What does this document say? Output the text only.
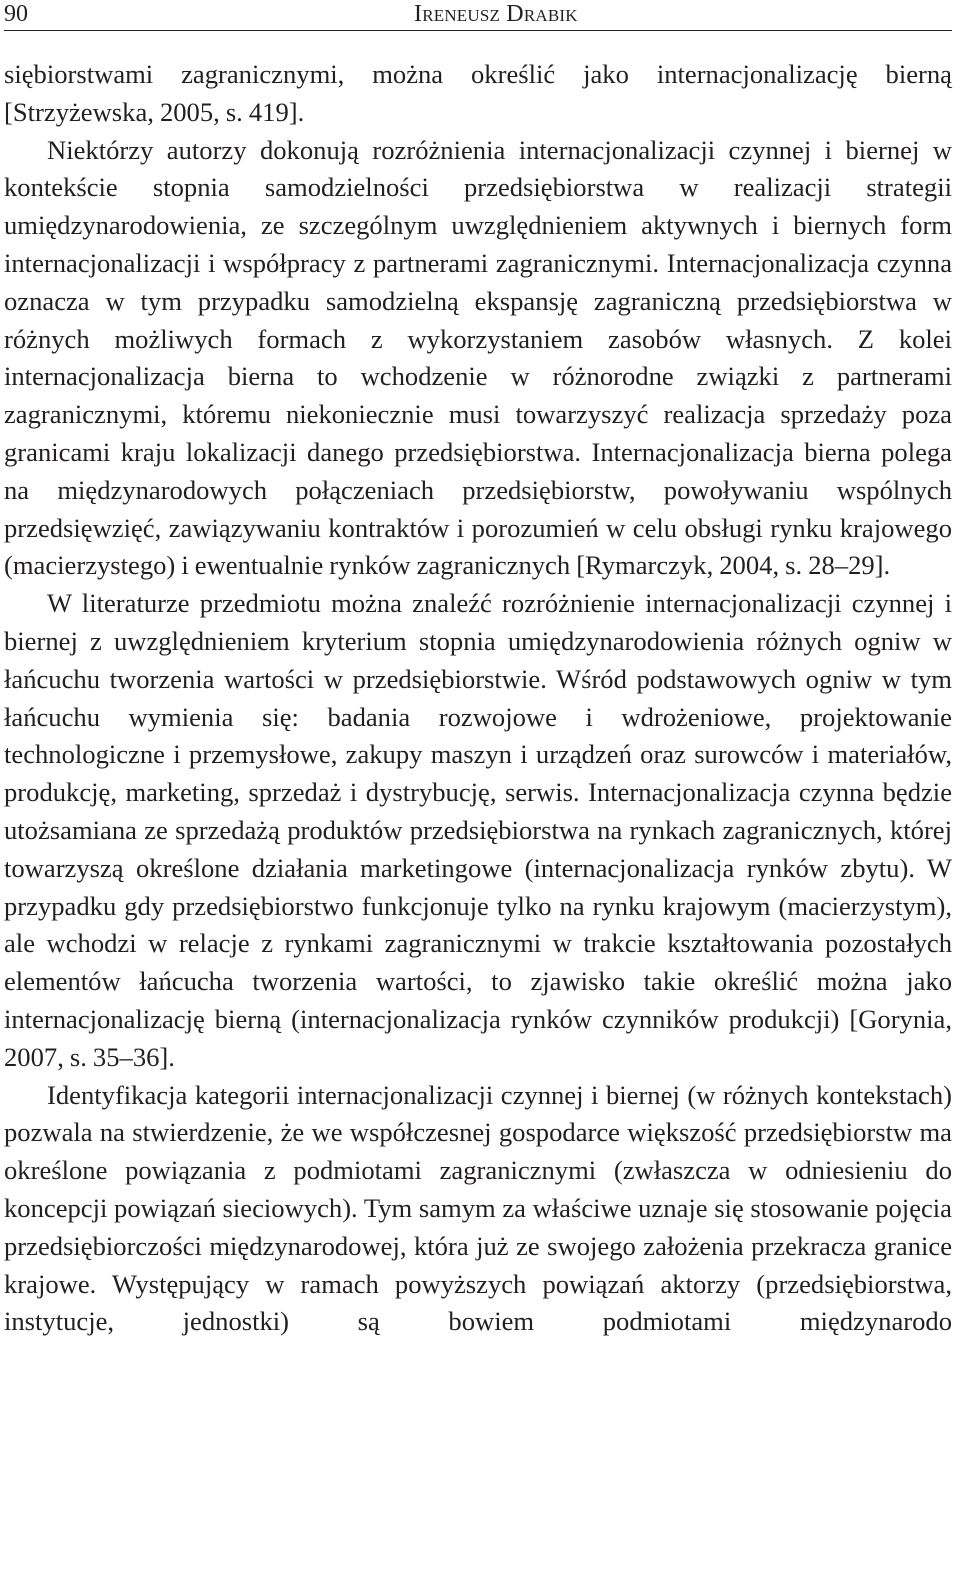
90	Ireneusz Drabik

siębiorstwami zagranicznymi, można określić jako internacjonalizację bierną [Strzyżewska, 2005, s. 419].

Niektórzy autorzy dokonują rozróżnienia internacjonalizacji czynnej i biernej w kontekście stopnia samodzielności przedsiębiorstwa w realizacji strategii umiędzynarodowienia, ze szczególnym uwzględnieniem aktywnych i biernych form internacjonalizacji i współpracy z partnerami zagranicznymi. Internacjonalizacja czynna oznacza w tym przypadku samodzielną ekspansję zagraniczną przedsiębiorstwa w różnych możliwych formach z wykorzystaniem zasobów własnych. Z kolei internacjonalizacja bierna to wchodzenie w różnorodne związki z partnerami zagranicznymi, któremu niekoniecznie musi towarzyszyć realizacja sprzedaży poza granicami kraju lokalizacji danego przedsiębiorstwa. Internacjonalizacja bierna polega na międzynarodowych połączeniach przedsiębiorstw, powoływaniu wspólnych przedsięwzięć, zawiązywaniu kontraktów i porozumień w celu obsługi rynku krajowego (macierzystego) i ewentualnie rynków zagranicznych [Rymarczyk, 2004, s. 28–29].

W literaturze przedmiotu można znaleźć rozróżnienie internacjonalizacji czynnej i biernej z uwzględnieniem kryterium stopnia umiędzynarodowienia różnych ogniw w łańcuchu tworzenia wartości w przedsiębiorstwie. Wśród podstawowych ogniw w tym łańcuchu wymienia się: badania rozwojowe i wdrożeniowe, projektowanie technologiczne i przemysłowe, zakupy maszyn i urządzeń oraz surowców i materiałów, produkcję, marketing, sprzedaż i dystrybucję, serwis. Internacjonalizacja czynna będzie utożsamiana ze sprzedażą produktów przedsiębiorstwa na rynkach zagranicznych, której towarzyszą określone działania marketingowe (internacjonalizacja rynków zbytu). W przypadku gdy przedsiębiorstwo funkcjonuje tylko na rynku krajowym (macierzystym), ale wchodzi w relacje z rynkami zagranicznymi w trakcie kształtowania pozostałych elementów łańcucha tworzenia wartości, to zjawisko takie określić można jako internacjonalizację bierną (internacjonalizacja rynków czynników produkcji) [Gorynia, 2007, s. 35–36].

Identyfikacja kategorii internacjonalizacji czynnej i biernej (w różnych kontekstach) pozwala na stwierdzenie, że we współczesnej gospodarce większość przedsiębiorstw ma określone powiązania z podmiotami zagranicznymi (zwłaszcza w odniesieniu do koncepcji powiązań sieciowych). Tym samym za właściwe uznaje się stosowanie pojęcia przedsiębiorczości międzynarodowej, która już ze swojego założenia przekracza granice krajowe. Występujący w ramach powyższych powiązań aktorzy (przedsiębiorstwa, instytucje, jednostki) są bowiem podmiotami międzynarodo
